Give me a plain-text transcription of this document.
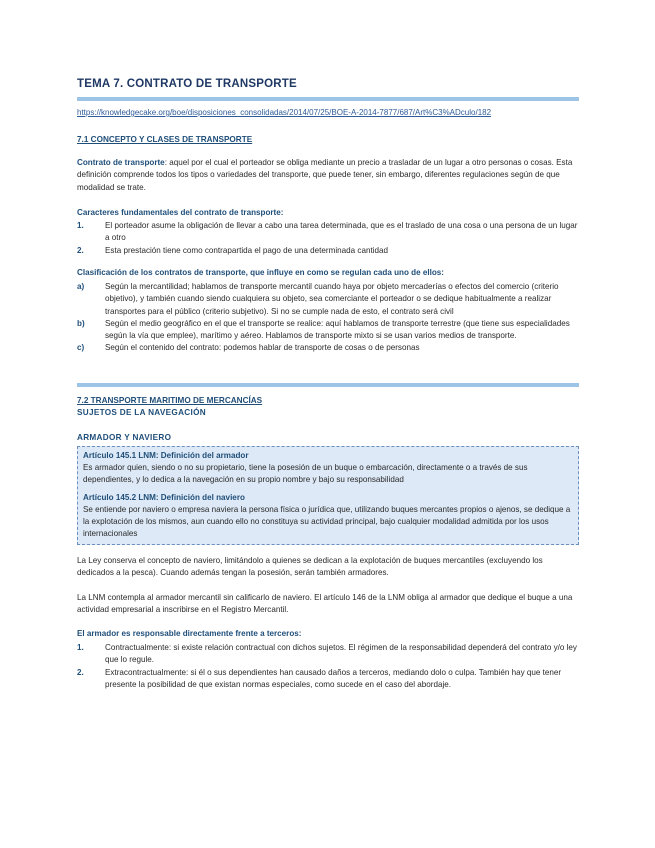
TEMA 7. CONTRATO DE TRANSPORTE
https://knowledgecake.org/boe/disposiciones_consolidadas/2014/07/25/BOE-A-2014-7877/687/Art%C3%ADculo/182
7.1 CONCEPTO Y CLASES DE TRANSPORTE
Contrato de transporte: aquel por el cual el porteador se obliga mediante un precio a trasladar de un lugar a otro personas o cosas. Esta definición comprende todos los tipos o variedades del transporte, que puede tener, sin embargo, diferentes regulaciones según de que modalidad se trate.
Caracteres fundamentales del contrato de transporte:
1.	El porteador asume la obligación de llevar a cabo una tarea determinada, que es el traslado de una cosa o una persona de un lugar a otro
2.	Esta prestación tiene como contrapartida el pago de una determinada cantidad
Clasificación de los contratos de transporte, que influye en como se regulan cada uno de ellos:
a)	Según la mercantilidad; hablamos de transporte mercantil cuando haya por objeto mercaderías o efectos del comercio (criterio objetivo), y también cuando siendo cualquiera su objeto, sea comerciante el porteador o se dedique habitualmente a realizar transportes para el público (criterio subjetivo). Si no se cumple nada de esto, el contrato será civil
b)	Según el medio geográfico en el que el transporte se realice: aquí hablamos de transporte terrestre (que tiene sus especialidades según la vía que emplee), marítimo y aéreo. Hablamos de transporte mixto si se usan varios medios de transporte.
c)	Según el contenido del contrato: podemos hablar de transporte de cosas o de personas
7.2 TRANSPORTE MARITIMO DE MERCANCÍAS
SUJETOS DE LA NAVEGACIÓN
ARMADOR Y NAVIERO
Artículo 145.1 LNM: Definición del armador
Es armador quien, siendo o no su propietario, tiene la posesión de un buque o embarcación, directamente o a través de sus dependientes, y lo dedica a la navegación en su propio nombre y bajo su responsabilidad
Artículo 145.2 LNM: Definición del naviero
Se entiende por naviero o empresa naviera la persona física o jurídica que, utilizando buques mercantes propios o ajenos, se dedique a la explotación de los mismos, aun cuando ello no constituya su actividad principal, bajo cualquier modalidad admitida por los usos internacionales
La Ley conserva el concepto de naviero, limitándolo a quienes se dedican a la explotación de buques mercantiles (excluyendo los dedicados a la pesca). Cuando además tengan la posesión, serán también armadores.
La LNM contempla al armador mercantil sin calificarlo de naviero. El artículo 146 de la LNM obliga al armador que dedique el buque a una actividad empresarial a inscribirse en el Registro Mercantil.
El armador es responsable directamente frente a terceros:
1.	Contractualmente: si existe relación contractual con dichos sujetos. El régimen de la responsabilidad dependerá del contrato y/o ley que lo regule.
2.	Extracontractualmente: si él o sus dependientes han causado daños a terceros, mediando dolo o culpa. También hay que tener presente la posibilidad de que existan normas especiales, como sucede en el caso del abordaje.
